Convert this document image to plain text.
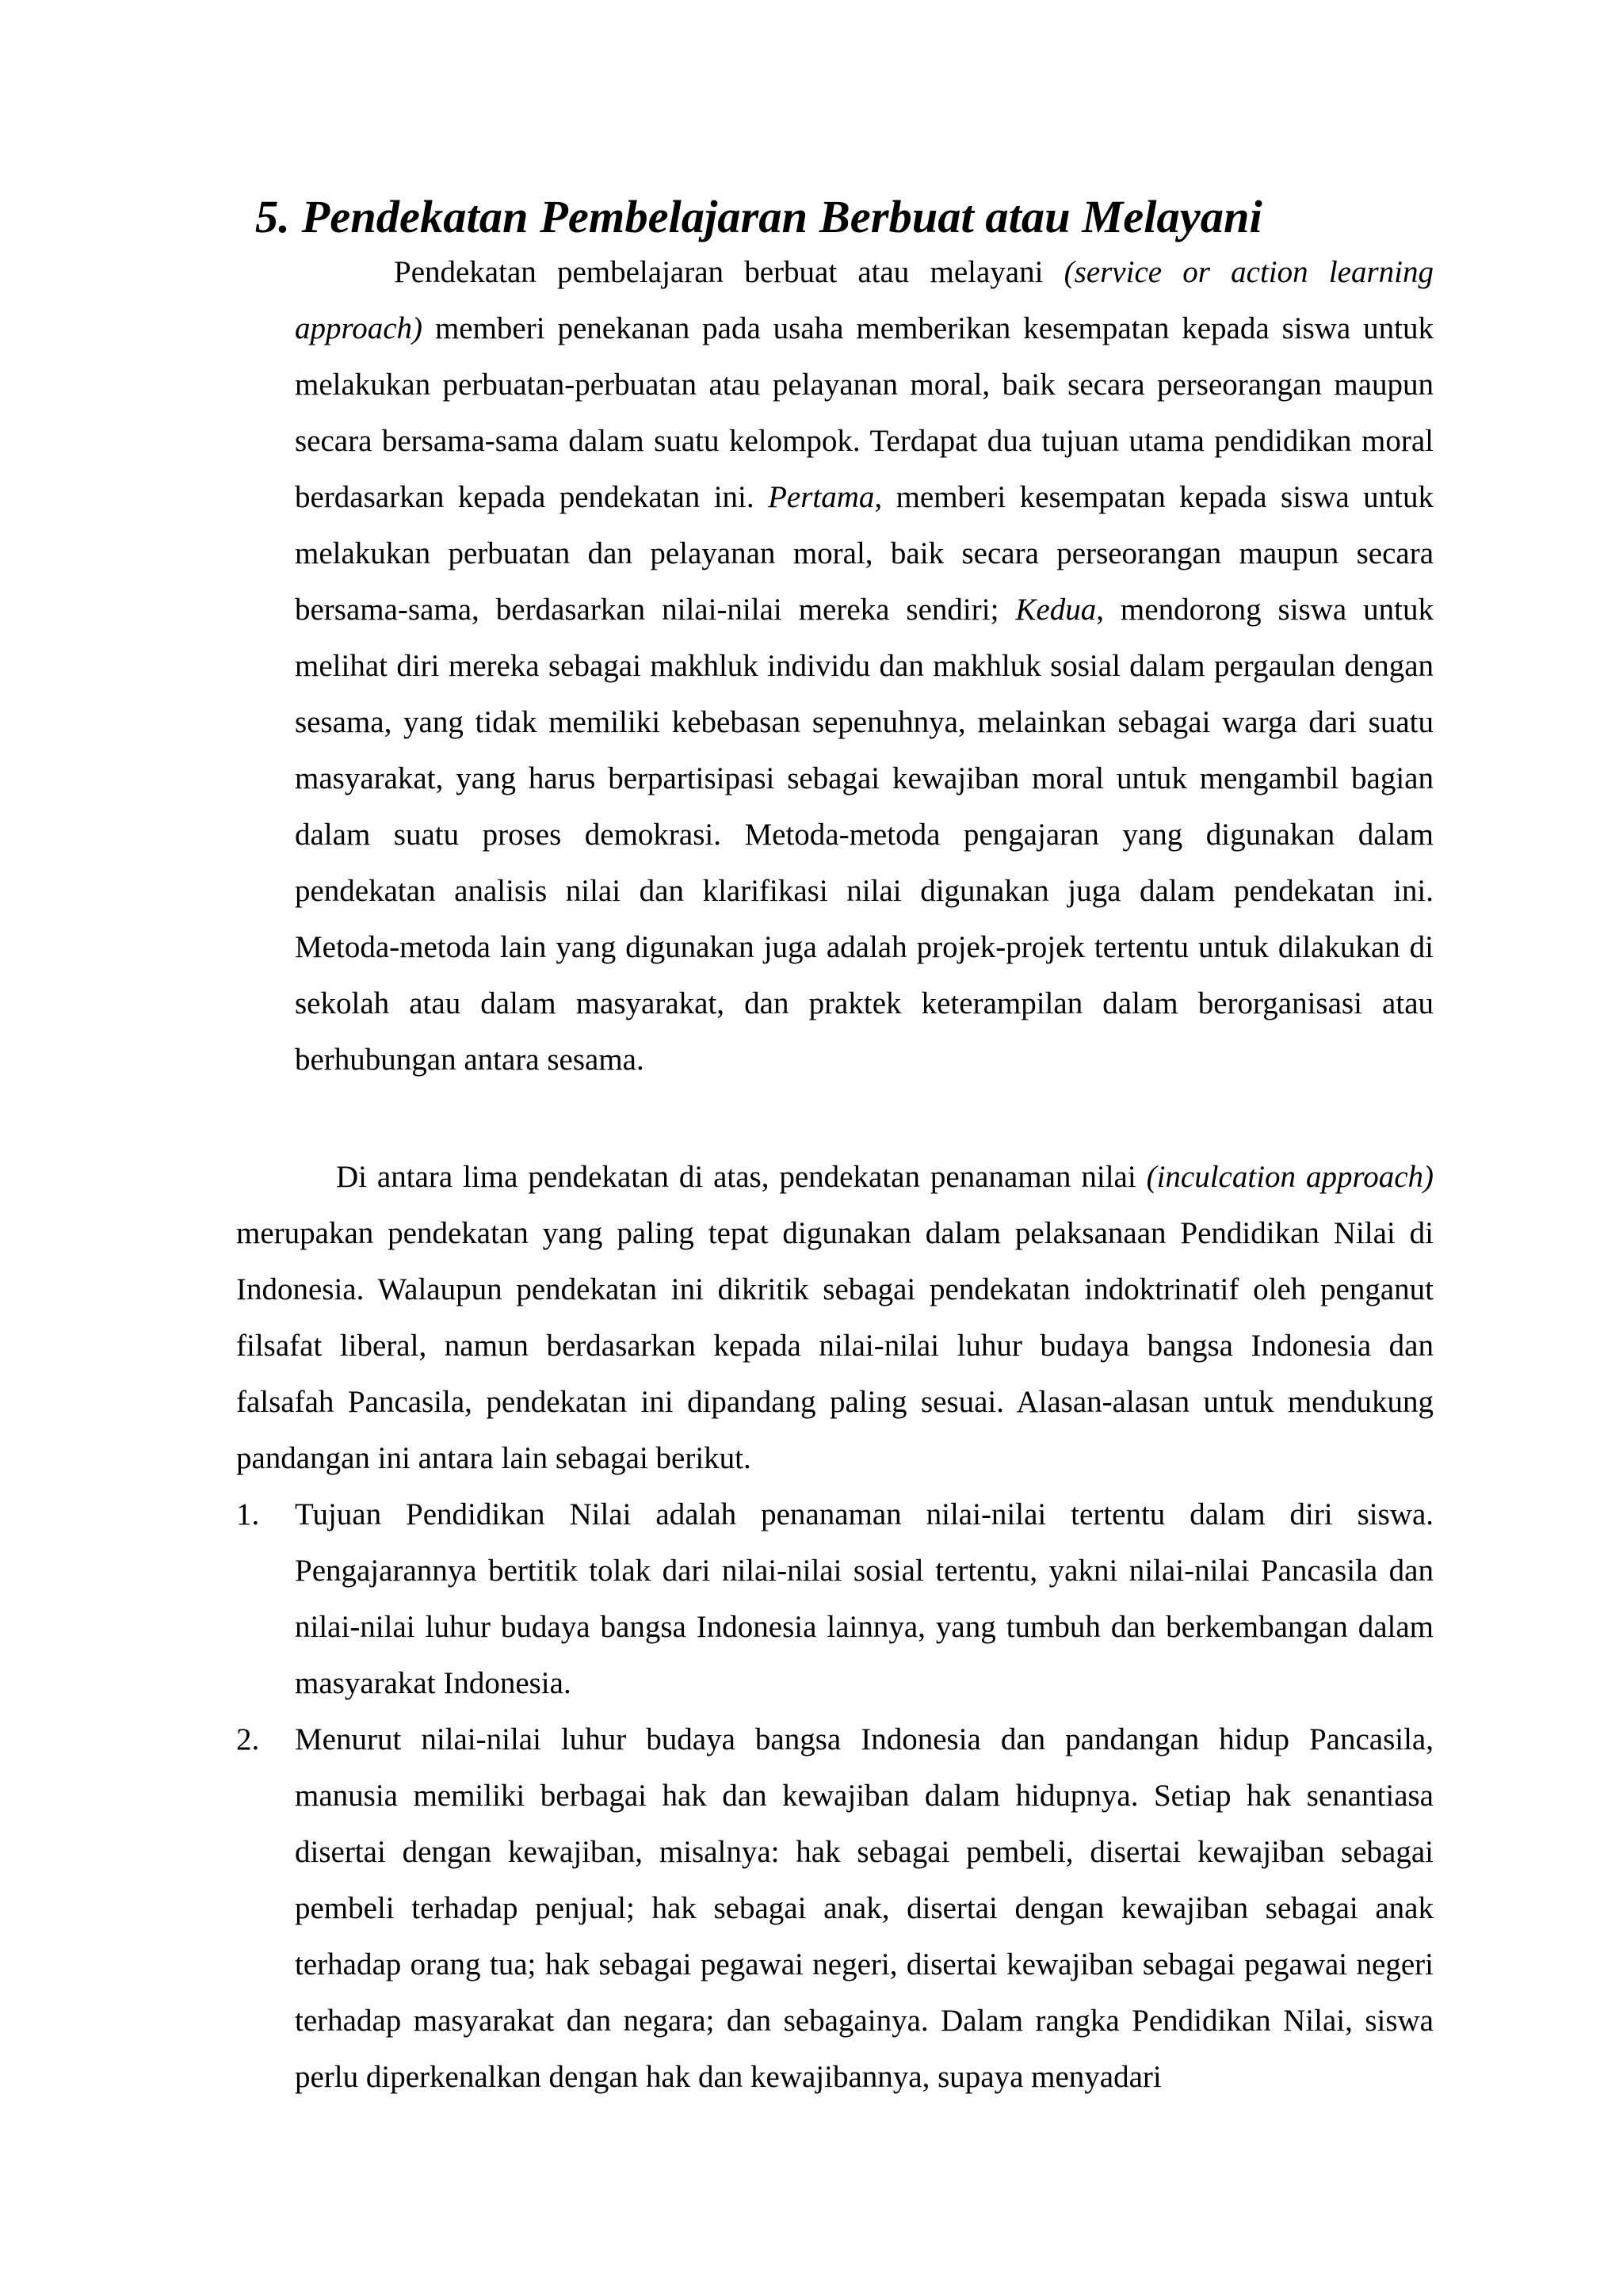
5. Pendekatan Pembelajaran Berbuat atau Melayani

Pendekatan pembelajaran berbuat atau melayani (service or action learning approach) memberi penekanan pada usaha memberikan kesempatan kepada siswa untuk melakukan perbuatan-perbuatan atau pelayanan moral, baik secara perseorangan maupun secara bersama-sama dalam suatu kelompok. Terdapat dua tujuan utama pendidikan moral berdasarkan kepada pendekatan ini. Pertama, memberi kesempatan kepada siswa untuk melakukan perbuatan dan pelayanan moral, baik secara perseorangan maupun secara bersama-sama, berdasarkan nilai-nilai mereka sendiri; Kedua, mendorong siswa untuk melihat diri mereka sebagai makhluk individu dan makhluk sosial dalam pergaulan dengan sesama, yang tidak memiliki kebebasan sepenuhnya, melainkan sebagai warga dari suatu masyarakat, yang harus berpartisipasi sebagai kewajiban moral untuk mengambil bagian dalam suatu proses demokrasi. Metoda-metoda pengajaran yang digunakan dalam pendekatan analisis nilai dan klarifikasi nilai digunakan juga dalam pendekatan ini. Metoda-metoda lain yang digunakan juga adalah projek-projek tertentu untuk dilakukan di sekolah atau dalam masyarakat, dan praktek keterampilan dalam berorganisasi atau berhubungan antara sesama.

Di antara lima pendekatan di atas, pendekatan penanaman nilai (inculcation approach) merupakan pendekatan yang paling tepat digunakan dalam pelaksanaan Pendidikan Nilai di Indonesia. Walaupun pendekatan ini dikritik sebagai pendekatan indoktrinatif oleh penganut filsafat liberal, namun berdasarkan kepada nilai-nilai luhur budaya bangsa Indonesia dan falsafah Pancasila, pendekatan ini dipandang paling sesuai. Alasan-alasan untuk mendukung pandangan ini antara lain sebagai berikut.

1. Tujuan Pendidikan Nilai adalah penanaman nilai-nilai tertentu dalam diri siswa. Pengajarannya bertitik tolak dari nilai-nilai sosial tertentu, yakni nilai-nilai Pancasila dan nilai-nilai luhur budaya bangsa Indonesia lainnya, yang tumbuh dan berkembangan dalam masyarakat Indonesia.
2. Menurut nilai-nilai luhur budaya bangsa Indonesia dan pandangan hidup Pancasila, manusia memiliki berbagai hak dan kewajiban dalam hidupnya. Setiap hak senantiasa disertai dengan kewajiban, misalnya: hak sebagai pembeli, disertai kewajiban sebagai pembeli terhadap penjual; hak sebagai anak, disertai dengan kewajiban sebagai anak terhadap orang tua; hak sebagai pegawai negeri, disertai kewajiban sebagai pegawai negeri terhadap masyarakat dan negara; dan sebagainya. Dalam rangka Pendidikan Nilai, siswa perlu diperkenalkan dengan hak dan kewajibannya, supaya menyadari
